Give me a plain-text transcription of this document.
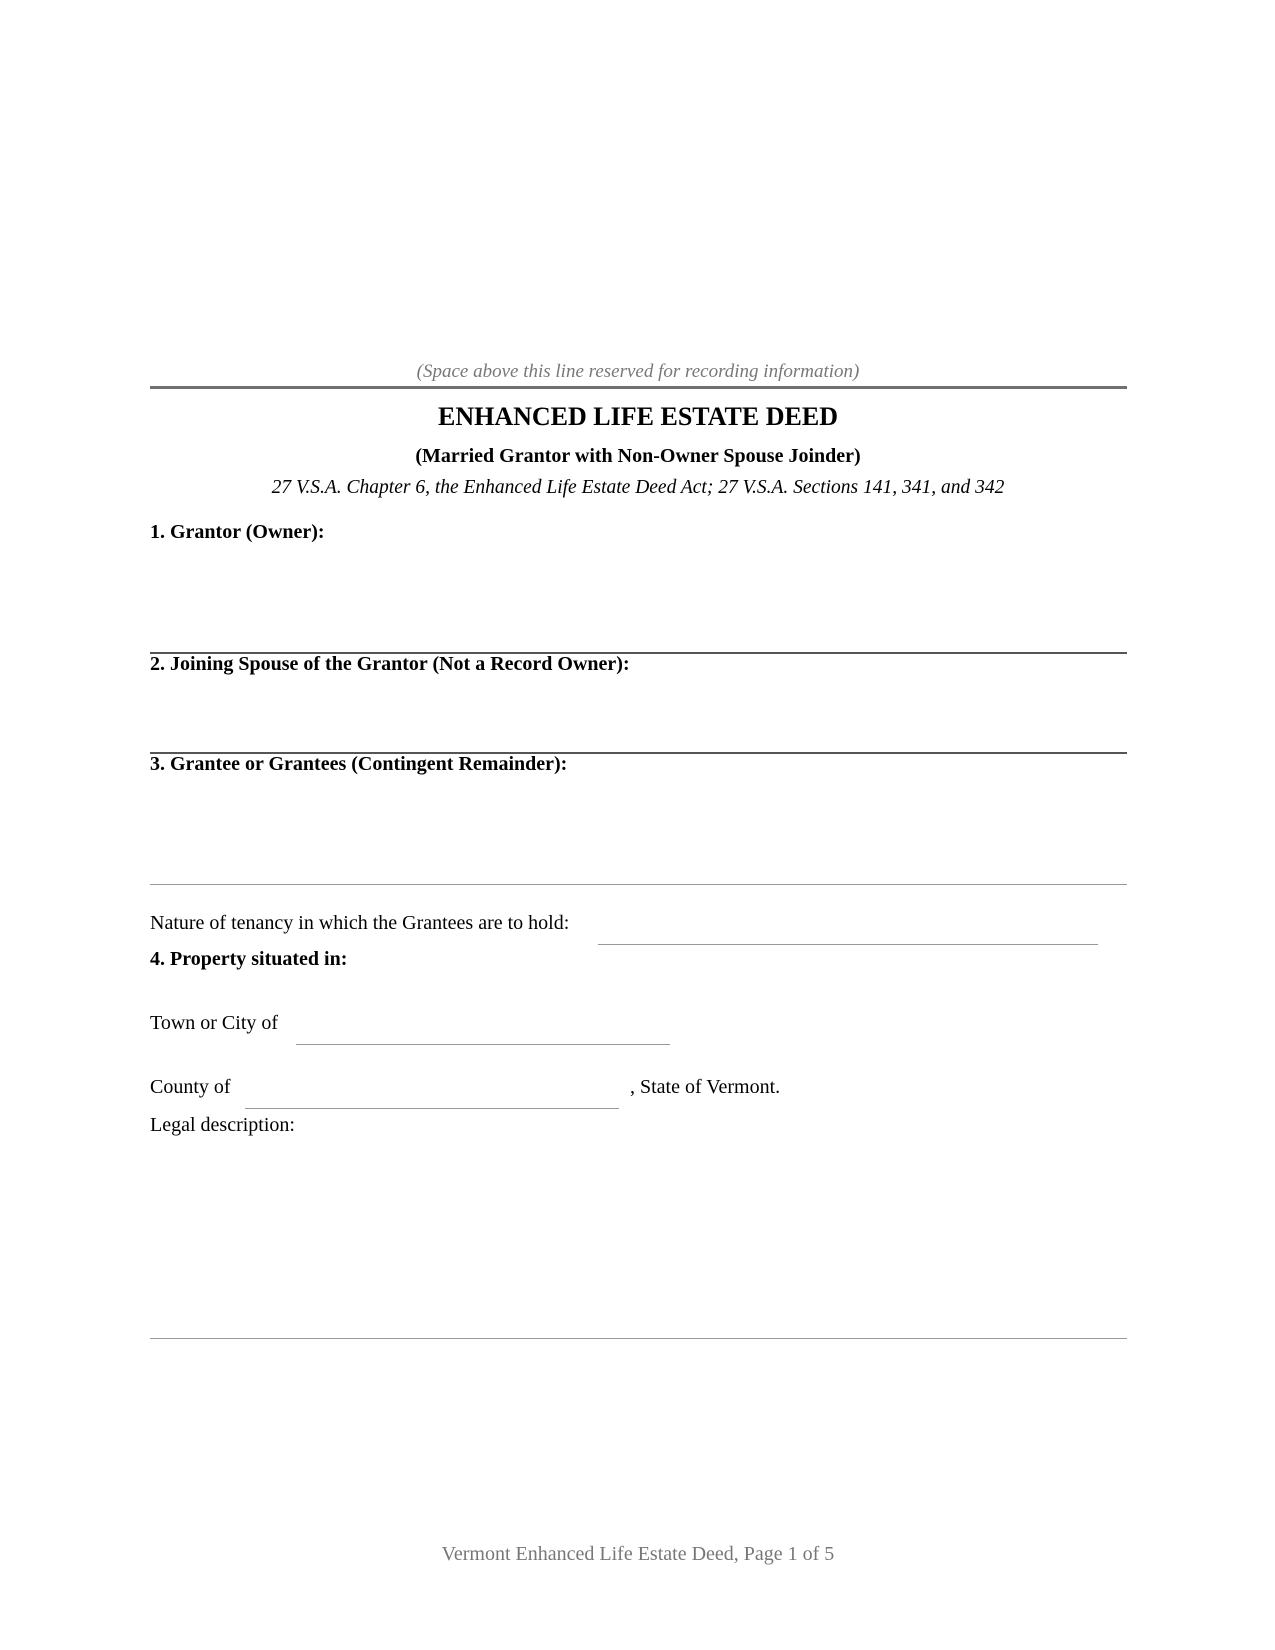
(Space above this line reserved for recording information)
ENHANCED LIFE ESTATE DEED
(Married Grantor with Non-Owner Spouse Joinder)
27 V.S.A. Chapter 6, the Enhanced Life Estate Deed Act; 27 V.S.A. Sections 141, 341, and 342
1. Grantor (Owner):
2. Joining Spouse of the Grantor (Not a Record Owner):
3. Grantee or Grantees (Contingent Remainder):
Nature of tenancy in which the Grantees are to hold:
4. Property situated in:
Town or City of
County of	, State of Vermont.
Legal description:
Vermont Enhanced Life Estate Deed, Page 1 of 5
